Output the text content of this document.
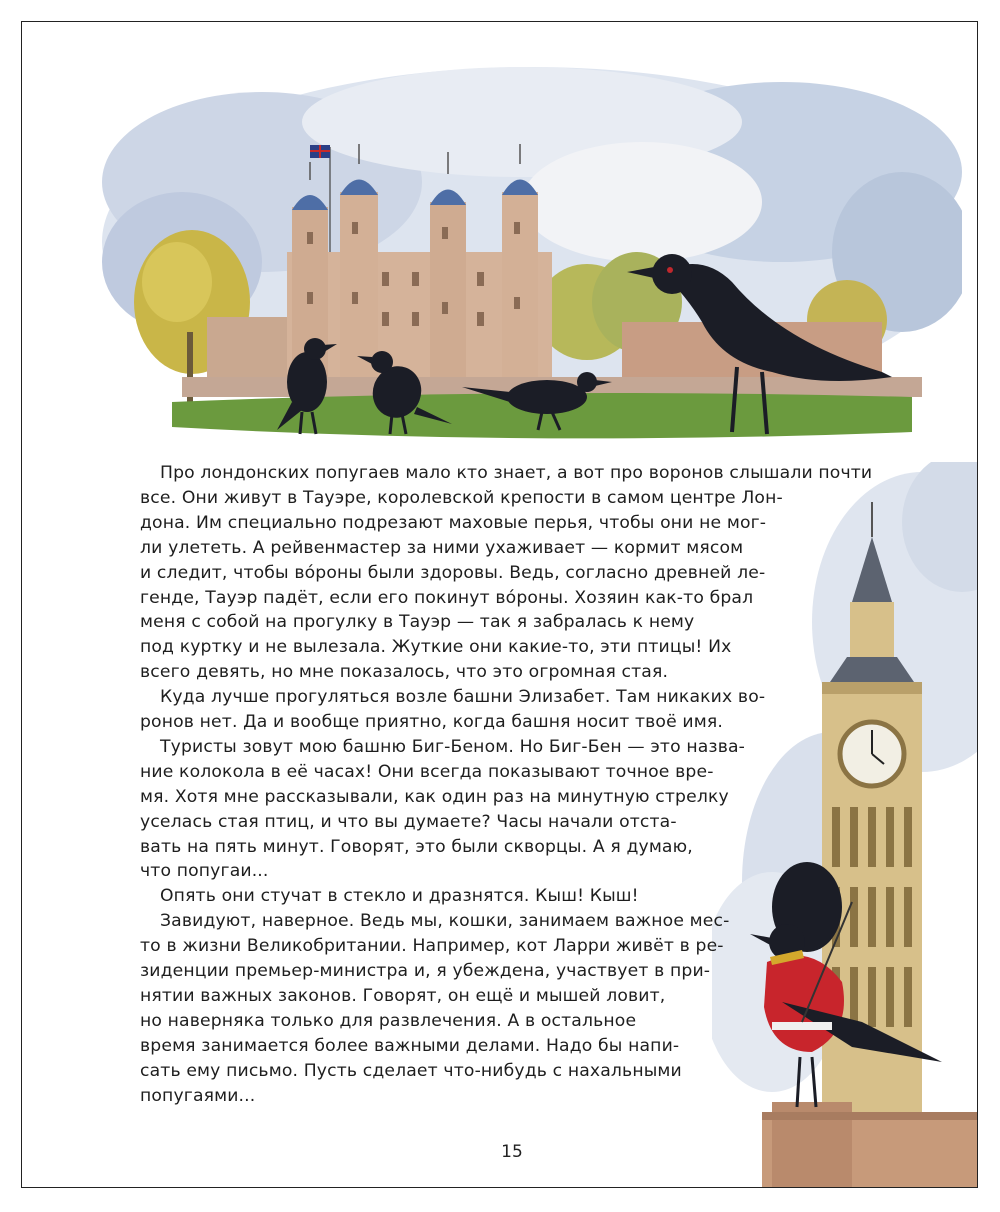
Про лондонских попугаев мало кто знает, а вот про воронов слышали почти
все. Они живут в Тауэре, королевской крепости в самом центре Лон-
дона. Им специально подрезают маховые перья, чтобы они не мог-
ли улететь. А рейвенмастер за ними ухаживает — кормит мясом
и следит, чтобы вóроны были здоровы. Ведь, согласно древней ле-
генде, Тауэр падёт, если его покинут вóроны. Хозяин как-то брал
меня с собой на прогулку в Тауэр — так я забралась к нему
под куртку и не вылезала. Жуткие они какие-то, эти птицы! Их
всего девять, но мне показалось, что это огромная стая.
Куда лучше прогуляться возле башни Элизабет. Там никаких во-
ронов нет. Да и вообще приятно, когда башня носит твоё имя.
Туристы зовут мою башню Биг-Беном. Но Биг-Бен — это назва-
ние колокола в её часах! Они всегда показывают точное вре-
мя. Хотя мне рассказывали, как один раз на минутную стрелку
уселась стая птиц, и что вы думаете? Часы начали отста-
вать на пять минут. Говорят, это были скворцы. А я думаю,
что попугаи...
Опять они стучат в стекло и дразнятся. Кыш! Кыш!
Завидуют, наверное. Ведь мы, кошки, занимаем важное мес-
то в жизни Великобритании. Например, кот Ларри живёт в ре-
зиденции премьер-министра и, я убеждена, участвует в при-
нятии важных законов. Говорят, он ещё и мышей ловит,
но наверняка только для развлечения. А в остальное
время занимается более важными делами. Надо бы напи-
сать ему письмо. Пусть сделает что-нибудь с нахальными
попугаями...
15
